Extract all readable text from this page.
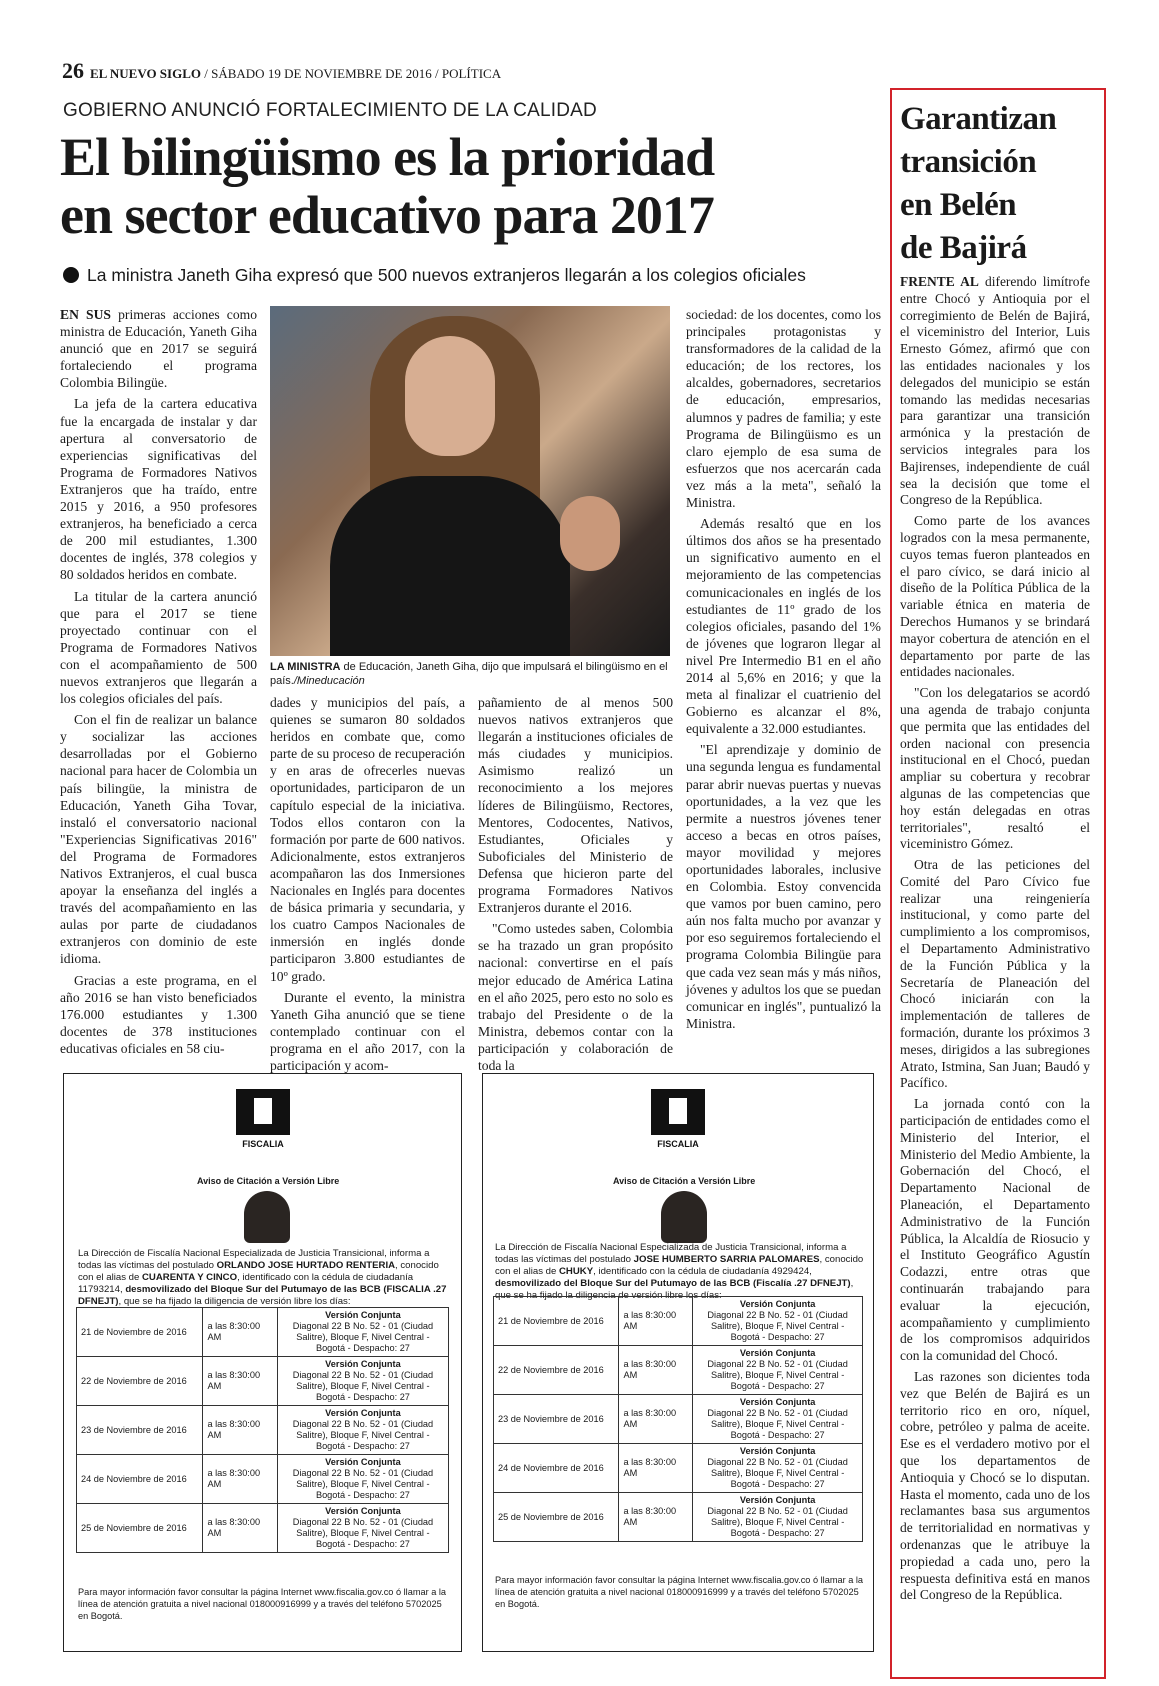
26 EL NUEVO SIGLO / SÁBADO 19 DE NOVIEMBRE DE 2016 / POLÍTICA
GOBIERNO ANUNCIÓ FORTALECIMIENTO DE LA CALIDAD
El bilingüismo es la prioridad
en sector educativo para 2017
La ministra Janeth Giha expresó que 500 nuevos extranjeros llegarán a los colegios oficiales

EN SUS primeras acciones como ministra de Educación, Yaneth Giha anunció que en 2017 se seguirá fortaleciendo el programa Colombia Bilingüe.

La jefa de la cartera educativa fue la encargada de instalar y dar apertura al conversatorio de experiencias significativas del Programa de Formadores Nativos Extranjeros que ha traído, entre 2015 y 2016, a 950 profesores extranjeros, ha beneficiado a cerca de 200 mil estudiantes, 1.300 docentes de inglés, 378 colegios y 80 soldados heridos en combate.

La titular de la cartera anunció que para el 2017 se tiene proyectado continuar con el Programa de Formadores Nativos con el acompañamiento de 500 nuevos extranjeros que llegarán a los colegios oficiales del país.

Con el fin de realizar un balance y socializar las acciones desarrolladas por el Gobierno nacional para hacer de Colombia un país bilingüe, la ministra de Educación, Yaneth Giha Tovar, instaló el conversatorio nacional "Experiencias Significativas 2016" del Programa de Formadores Nativos Extranjeros, el cual busca apoyar la enseñanza del inglés a través del acompañamiento en las aulas por parte de ciudadanos extranjeros con dominio de este idioma.

Gracias a este programa, en el año 2016 se han visto beneficiados 176.000 estudiantes y 1.300 docentes de 378 instituciones educativas oficiales en 58 ciu-

LA MINISTRA de Educación, Janeth Giha, dijo que impulsará el bilingüismo en el país./Mineducación

dades y municipios del país, a quienes se sumaron 80 soldados heridos en combate que, como parte de su proceso de recuperación y en aras de ofrecerles nuevas oportunidades, participaron de un capítulo especial de la iniciativa. Todos ellos contaron con la formación por parte de 600 nativos. Adicionalmente, estos extranjeros acompañaron las dos Inmersiones Nacionales en Inglés para docentes de básica primaria y secundaria, y los cuatro Campos Nacionales de inmersión en inglés donde participaron 3.800 estudiantes de 10º grado.

Durante el evento, la ministra Yaneth Giha anunció que se tiene contemplado continuar con el programa en el año 2017, con la participación y acom-

pañamiento de al menos 500 nuevos nativos extranjeros que llegarán a instituciones oficiales de más ciudades y municipios. Asimismo realizó un reconocimiento a los mejores líderes de Bilingüismo, Rectores, Mentores, Codocentes, Nativos, Estudiantes, Oficiales y Suboficiales del Ministerio de Defensa que hicieron parte del programa Formadores Nativos Extranjeros durante el 2016.

"Como ustedes saben, Colombia se ha trazado un gran propósito nacional: convertirse en el país mejor educado de América Latina en el año 2025, pero esto no solo es trabajo del Presidente o de la Ministra, debemos contar con la participación y colaboración de toda la

sociedad: de los docentes, como los principales protagonistas y transformadores de la calidad de la educación; de los rectores, los alcaldes, gobernadores, secretarios de educación, empresarios, alumnos y padres de familia; y este Programa de Bilingüismo es un claro ejemplo de esa suma de esfuerzos que nos acercarán cada vez más a la meta", señaló la Ministra.

Además resaltó que en los últimos dos años se ha presentado un significativo aumento en el mejoramiento de las competencias comunicacionales en inglés de los estudiantes de 11º grado de los colegios oficiales, pasando del 1% de jóvenes que lograron llegar al nivel Pre Intermedio B1 en el año 2014 al 5,6% en 2016; y que la meta al finalizar el cuatrienio del Gobierno es alcanzar el 8%, equivalente a 32.000 estudiantes.

"El aprendizaje y dominio de una segunda lengua es fundamental parar abrir nuevas puertas y nuevas oportunidades, a la vez que les permite a nuestros jóvenes tener acceso a becas en otros países, mayor movilidad y mejores oportunidades laborales, inclusive en Colombia. Estoy convencida que vamos por buen camino, pero aún nos falta mucho por avanzar y por eso seguiremos fortaleciendo el programa Colombia Bilingüe para que cada vez sean más y más niños, jóvenes y adultos los que se puedan comunicar en inglés", puntualizó la Ministra.

Garantizan
transición
en Belén
de Bajirá

FRENTE AL diferendo limítrofe entre Chocó y Antioquia por el corregimiento de Belén de Bajirá, el viceministro del Interior, Luis Ernesto Gómez, afirmó que con las entidades nacionales y los delegados del municipio se están tomando las medidas necesarias para garantizar una transición armónica y la prestación de servicios integrales para los Bajirenses, independiente de cuál sea la decisión que tome el Congreso de la República.

Como parte de los avances logrados con la mesa permanente, cuyos temas fueron planteados en el paro cívico, se dará inicio al diseño de la Política Pública de la variable étnica en materia de Derechos Humanos y se brindará mayor cobertura de atención en el departamento por parte de las entidades nacionales.

"Con los delegatarios se acordó una agenda de trabajo conjunta que permita que las entidades del orden nacional con presencia institucional en el Chocó, puedan ampliar su cobertura y recobrar algunas de las competencias que hoy están delegadas en otras territoriales", resaltó el viceministro Gómez.

Otra de las peticiones del Comité del Paro Cívico fue realizar una reingeniería institucional, y como parte del cumplimiento a los compromisos, el Departamento Administrativo de la Función Pública y la Secretaría de Planeación del Chocó iniciarán con la implementación de talleres de formación, durante los próximos 3 meses, dirigidos a las subregiones Atrato, Istmina, San Juan; Baudó y Pacífico.

La jornada contó con la participación de entidades como el Ministerio del Interior, el Ministerio del Medio Ambiente, la Gobernación del Chocó, el Departamento Nacional de Planeación, el Departamento Administrativo de la Función Pública, la Alcaldía de Riosucio y el Instituto Geográfico Agustín Codazzi, entre otras que continuarán trabajando para evaluar la ejecución, acompañamiento y cumplimiento de los compromisos adquiridos con la comunidad del Chocó.

Las razones son dicientes toda vez que Belén de Bajirá es un territorio rico en oro, níquel, cobre, petróleo y palma de aceite. Ese es el verdadero motivo por el que los departamentos de Antioquia y Chocó se lo disputan. Hasta el momento, cada uno de los reclamantes basa sus argumentos de territorialidad en normativas y ordenanzas que le atribuye la propiedad a cada uno, pero la respuesta definitiva está en manos del Congreso de la República.

FISCALIA
Aviso de Citación a Versión Libre
La Dirección de Fiscalía Nacional Especializada de Justicia Transicional, informa a todas las víctimas del postulado ORLANDO JOSE HURTADO RENTERIA, conocido con el alias de CUARENTA Y CINCO, identificado con la cédula de ciudadanía 11793214, desmovilizado del Bloque Sur del Putumayo de las BCB (FISCALIA .27 DFNEJT), que se ha fijado la diligencia de versión libre los días:
21 de Noviembre de 2016	a las 8:30:00 AM	Versión Conjunta
Diagonal 22 B No. 52 - 01 (Ciudad Salitre), Bloque F, Nivel Central - Bogotá - Despacho: 27
22 de Noviembre de 2016	a las 8:30:00 AM	Versión Conjunta
Diagonal 22 B No. 52 - 01 (Ciudad Salitre), Bloque F, Nivel Central - Bogotá - Despacho: 27
23 de Noviembre de 2016	a las 8:30:00 AM	Versión Conjunta
Diagonal 22 B No. 52 - 01 (Ciudad Salitre), Bloque F, Nivel Central - Bogotá - Despacho: 27
24 de Noviembre de 2016	a las 8:30:00 AM	Versión Conjunta
Diagonal 22 B No. 52 - 01 (Ciudad Salitre), Bloque F, Nivel Central - Bogotá - Despacho: 27
25 de Noviembre de 2016	a las 8:30:00 AM	Versión Conjunta
Diagonal 22 B No. 52 - 01 (Ciudad Salitre), Bloque F, Nivel Central - Bogotá - Despacho: 27
Para mayor información favor consultar la página Internet www.fiscalia.gov.co ó llamar a la línea de atención gratuita a nivel nacional 018000916999 y a través del teléfono 5702025 en Bogotá.
FISCALIA
Aviso de Citación a Versión Libre
La Dirección de Fiscalía Nacional Especializada de Justicia Transicional, informa a todas las víctimas del postulado JOSE HUMBERTO SARRIA PALOMARES, conocido con el alias de CHUKY, identificado con la cédula de ciudadanía 4929424, desmovilizado del Bloque Sur del Putumayo de las BCB (Fiscalía .27 DFNEJT), que se ha fijado la diligencia de versión libre los días:
21 de Noviembre de 2016	a las 8:30:00 AM	Versión Conjunta
Diagonal 22 B No. 52 - 01 (Ciudad Salitre), Bloque F, Nivel Central - Bogotá - Despacho: 27
22 de Noviembre de 2016	a las 8:30:00 AM	Versión Conjunta
Diagonal 22 B No. 52 - 01 (Ciudad Salitre), Bloque F, Nivel Central - Bogotá - Despacho: 27
23 de Noviembre de 2016	a las 8:30:00 AM	Versión Conjunta
Diagonal 22 B No. 52 - 01 (Ciudad Salitre), Bloque F, Nivel Central - Bogotá - Despacho: 27
24 de Noviembre de 2016	a las 8:30:00 AM	Versión Conjunta
Diagonal 22 B No. 52 - 01 (Ciudad Salitre), Bloque F, Nivel Central - Bogotá - Despacho: 27
25 de Noviembre de 2016	a las 8:30:00 AM	Versión Conjunta
Diagonal 22 B No. 52 - 01 (Ciudad Salitre), Bloque F, Nivel Central - Bogotá - Despacho: 27
Para mayor información favor consultar la página Internet www.fiscalia.gov.co ó llamar a la línea de atención gratuita a nivel nacional 018000916999 y a través del teléfono 5702025 en Bogotá.
